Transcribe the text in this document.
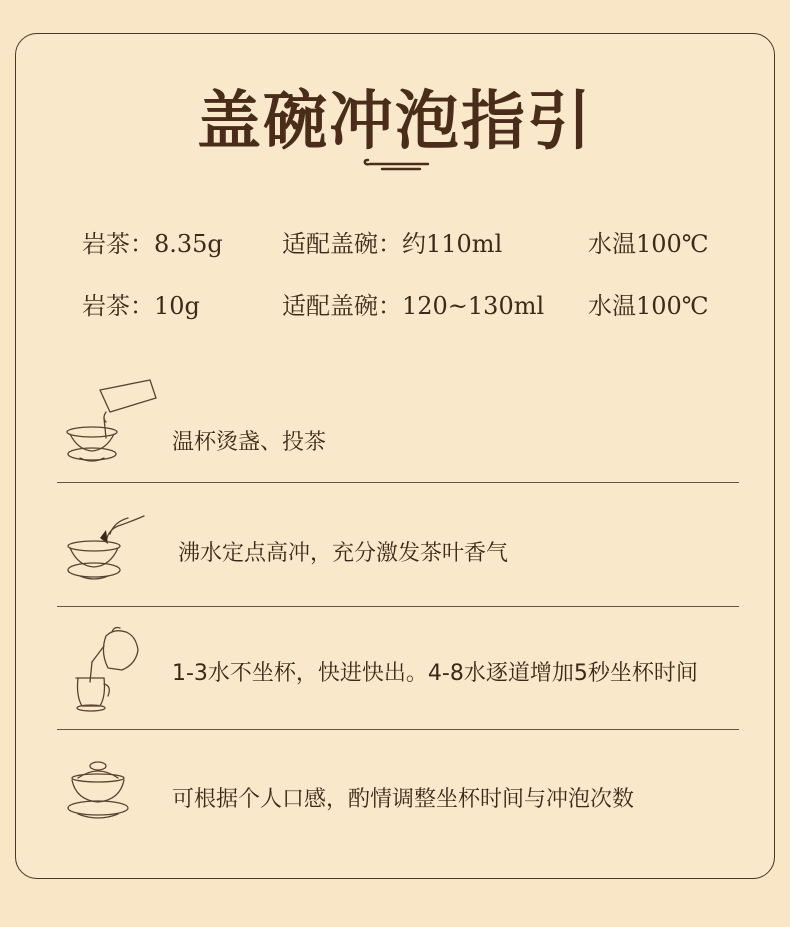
盖碗冲泡指引
岩茶：8.35g 适配盖碗：约110ml	水温100℃
岩茶：10g	适配盖碗：120~130ml 水温100℃
温杯烫盏、投茶
沸水定点高冲，充分激发茶叶香气
1-3水不坐杯，快进快出。4-8水逐道增加5秒坐杯时间
可根据个人口感，酌情调整坐杯时间与冲泡次数
